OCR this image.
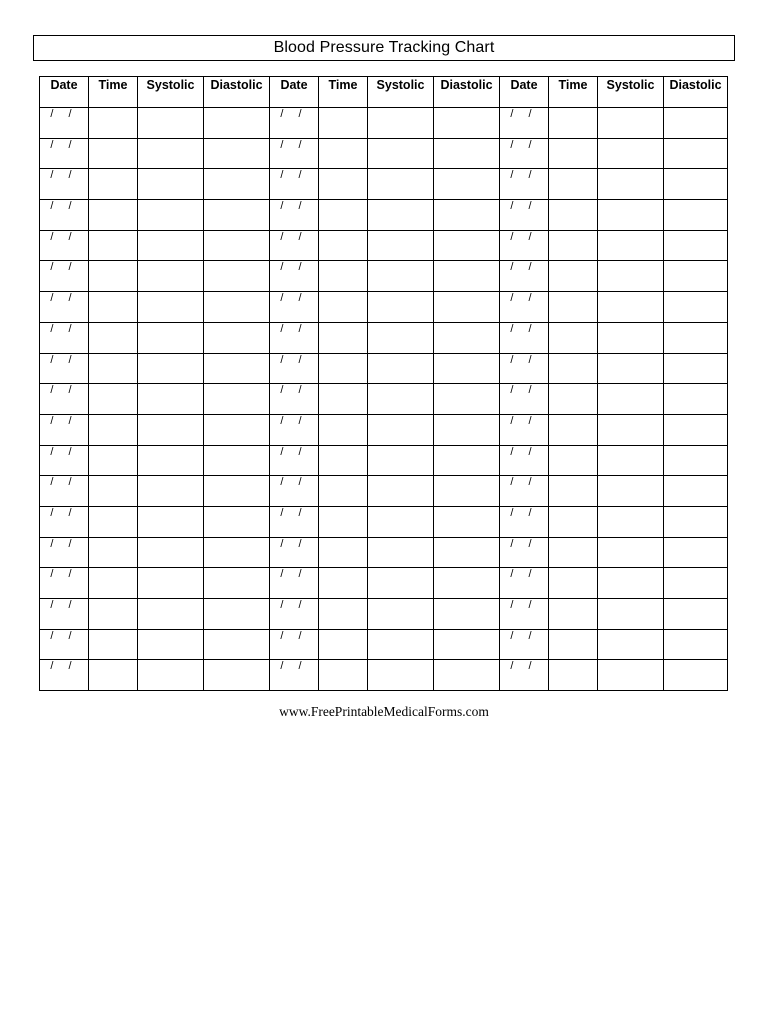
Blood Pressure Tracking Chart
Date	Time	Systolic	Diastolic	Date	Time	Systolic	Diastolic	Date	Time	Systolic	Diastolic
/ /				/ /				/ /			
/ /				/ /				/ /			
/ /				/ /				/ /			
/ /				/ /				/ /			
/ /				/ /				/ /			
/ /				/ /				/ /			
/ /				/ /				/ /			
/ /				/ /				/ /			
/ /				/ /				/ /			
/ /				/ /				/ /			
/ /				/ /				/ /			
/ /				/ /				/ /			
/ /				/ /				/ /			
/ /				/ /				/ /			
/ /				/ /				/ /			
/ /				/ /				/ /			
/ /				/ /				/ /			
/ /				/ /				/ /			
/ /				/ /				/ /			
www.FreePrintableMedicalForms.com
